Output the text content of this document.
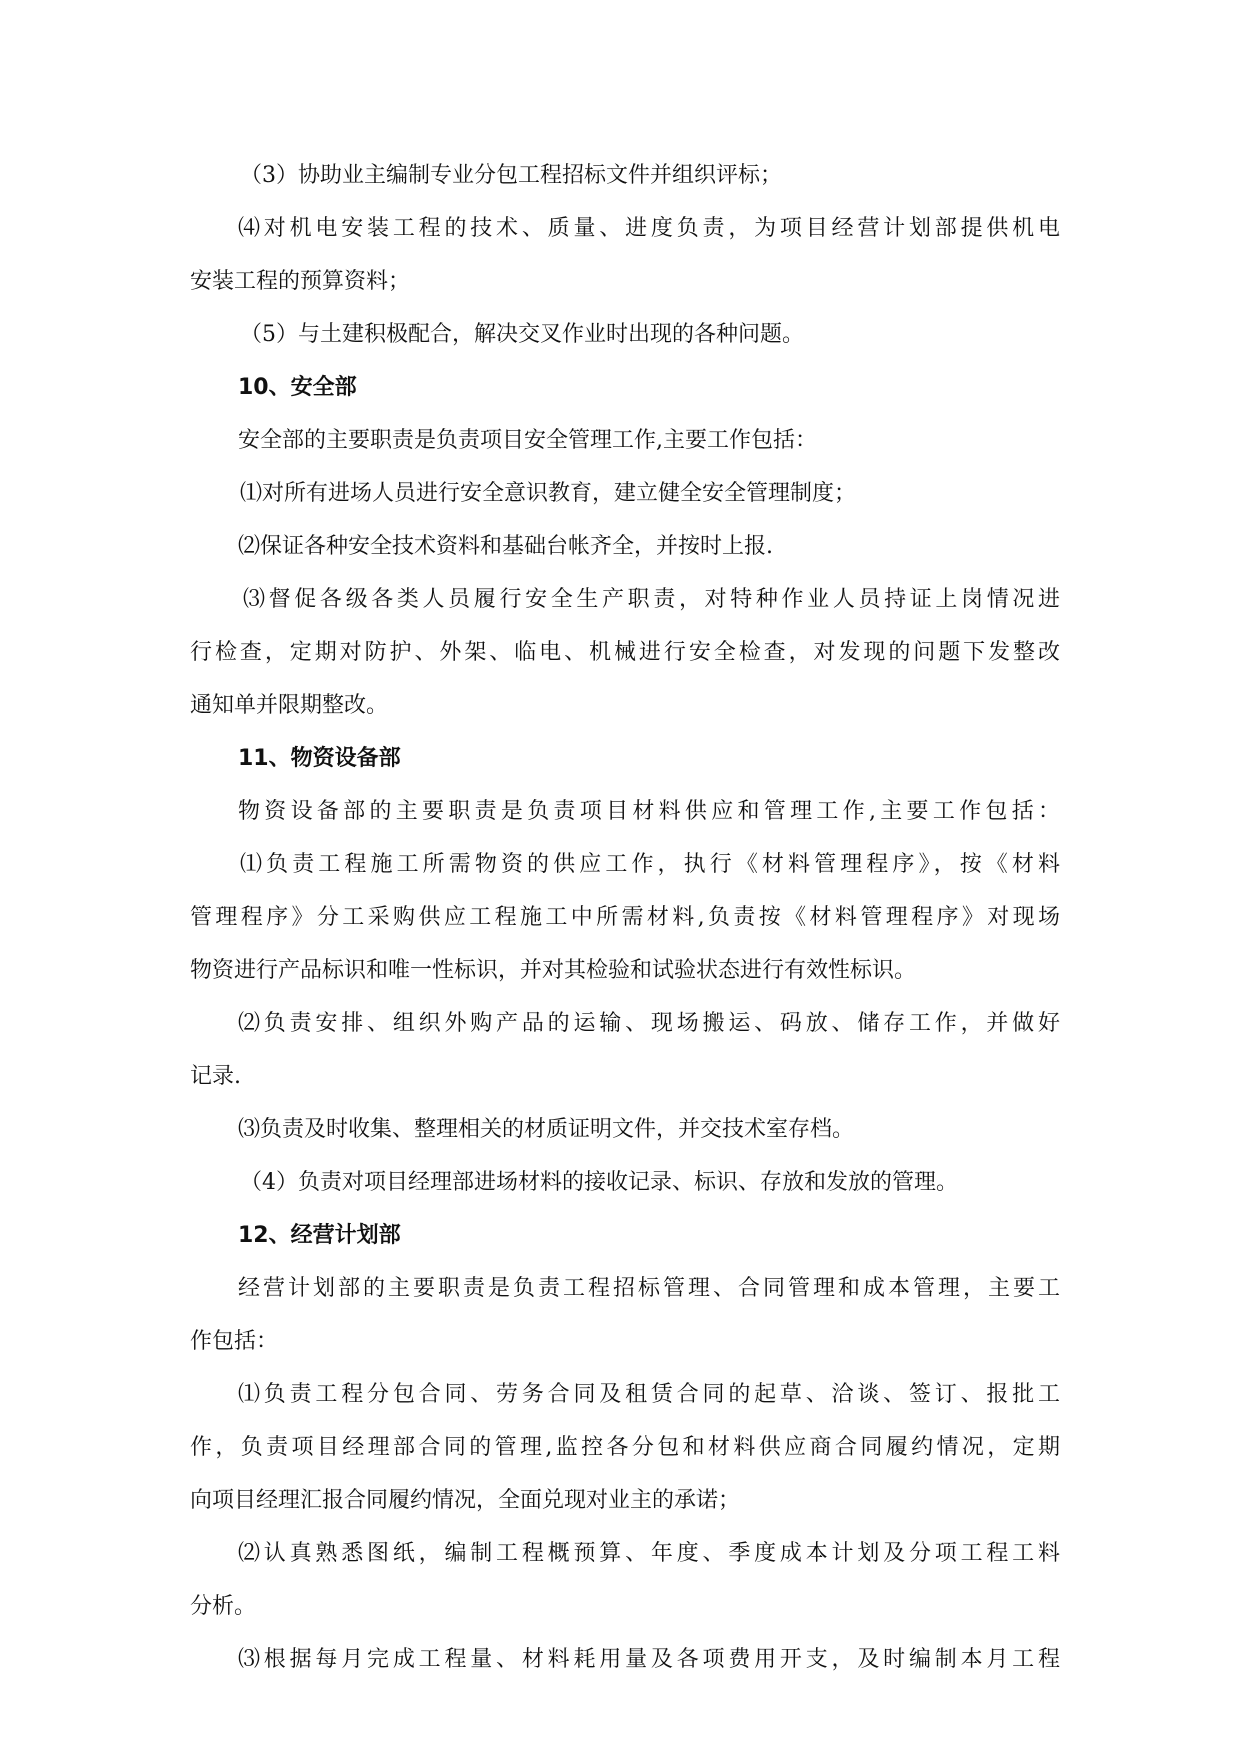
（3）协助业主编制专业分包工程招标文件并组织评标；
⑷对机电安装工程的技术、质量、进度负责，为项目经营计划部提供机电
安装工程的预算资料；
（5）与土建积极配合，解决交叉作业时出现的各种问题。
10、安全部
安全部的主要职责是负责项目安全管理工作,主要工作包括：
⑴对所有进场人员进行安全意识教育，建立健全安全管理制度；
⑵保证各种安全技术资料和基础台帐齐全，并按时上报.
⑶督促各级各类人员履行安全生产职责，对特种作业人员持证上岗情况进
行检查，定期对防护、外架、临电、机械进行安全检查，对发现的问题下发整改
通知单并限期整改。
11、物资设备部
物资设备部的主要职责是负责项目材料供应和管理工作,主要工作包括：
⑴负责工程施工所需物资的供应工作，执行《材料管理程序》，按《材料
管理程序》分工采购供应工程施工中所需材料,负责按《材料管理程序》对现场
物资进行产品标识和唯一性标识，并对其检验和试验状态进行有效性标识。
⑵负责安排、组织外购产品的运输、现场搬运、码放、储存工作，并做好
记录.
⑶负责及时收集、整理相关的材质证明文件，并交技术室存档。
（4）负责对项目经理部进场材料的接收记录、标识、存放和发放的管理。
12、经营计划部
经营计划部的主要职责是负责工程招标管理、合同管理和成本管理，主要工
作包括：
⑴负责工程分包合同、劳务合同及租赁合同的起草、洽谈、签订、报批工
作，负责项目经理部合同的管理,监控各分包和材料供应商合同履约情况，定期
向项目经理汇报合同履约情况，全面兑现对业主的承诺；
⑵认真熟悉图纸，编制工程概预算、年度、季度成本计划及分项工程工料
分析。
⑶根据每月完成工程量、材料耗用量及各项费用开支，及时编制本月工程
